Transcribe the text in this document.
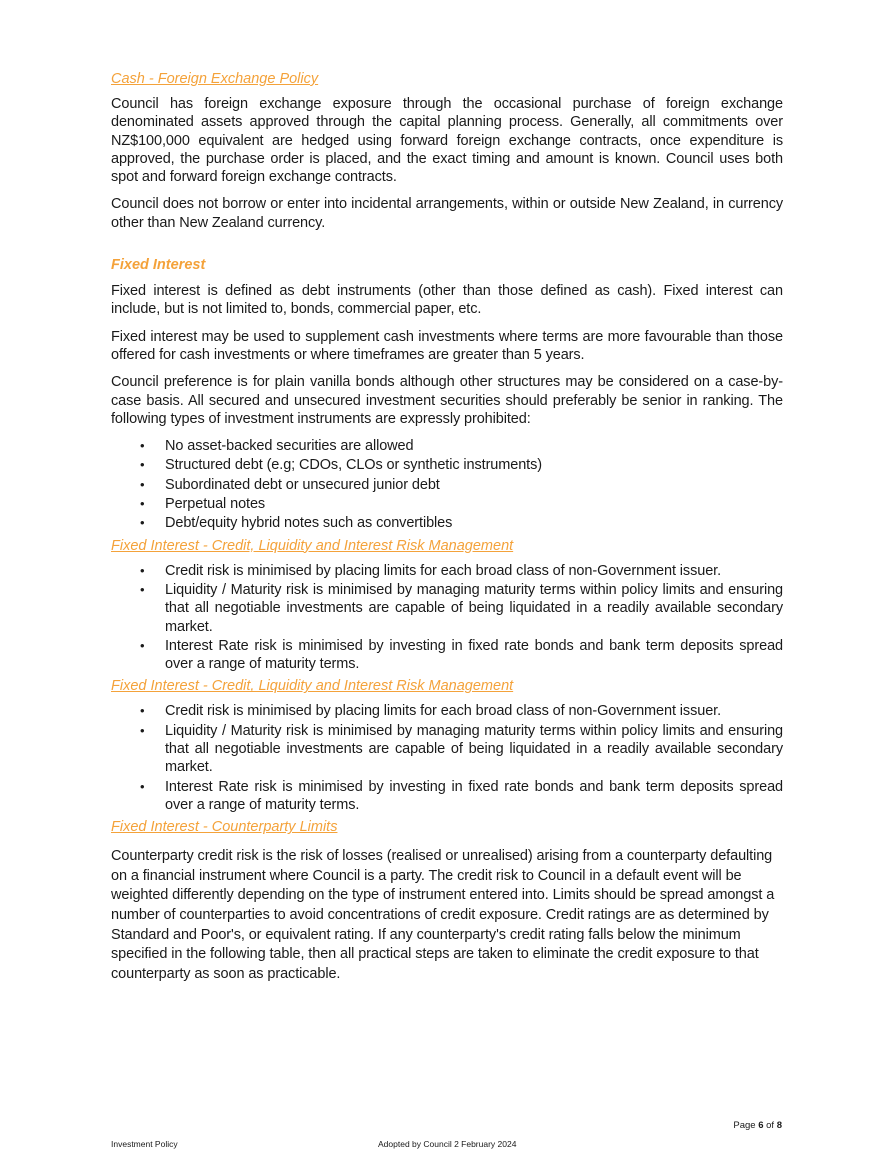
Cash - Foreign Exchange Policy

Council has foreign exchange exposure through the occasional purchase of foreign exchange denominated assets approved through the capital planning process. Generally, all commitments over NZ$100,000 equivalent are hedged using forward foreign exchange contracts, once expenditure is approved, the purchase order is placed, and the exact timing and amount is known. Council uses both spot and forward foreign exchange contracts.

Council does not borrow or enter into incidental arrangements, within or outside New Zealand, in currency other than New Zealand currency.

Fixed Interest

Fixed interest is defined as debt instruments (other than those defined as cash). Fixed interest can include, but is not limited to, bonds, commercial paper, etc.

Fixed interest may be used to supplement cash investments where terms are more favourable than those offered for cash investments or where timeframes are greater than 5 years.

Council preference is for plain vanilla bonds although other structures may be considered on a case-by-case basis. All secured and unsecured investment securities should preferably be senior in ranking. The following types of investment instruments are expressly prohibited:

• No asset-backed securities are allowed
• Structured debt (e.g; CDOs, CLOs or synthetic instruments)
• Subordinated debt or unsecured junior debt
• Perpetual notes
• Debt/equity hybrid notes such as convertibles
Fixed Interest - Credit, Liquidity and Interest Risk Management
• Credit risk is minimised by placing limits for each broad class of non-Government issuer.
• Liquidity / Maturity risk is minimised by managing maturity terms within policy limits and ensuring that all negotiable investments are capable of being liquidated in a readily available secondary market.
• Interest Rate risk is minimised by investing in fixed rate bonds and bank term deposits spread over a range of maturity terms.
Fixed Interest - Credit, Liquidity and Interest Risk Management
• Credit risk is minimised by placing limits for each broad class of non-Government issuer.
• Liquidity / Maturity risk is minimised by managing maturity terms within policy limits and ensuring that all negotiable investments are capable of being liquidated in a readily available secondary market.
• Interest Rate risk is minimised by investing in fixed rate bonds and bank term deposits spread over a range of maturity terms.
Fixed Interest - Counterparty Limits

Counterparty credit risk is the risk of losses (realised or unrealised) arising from a counterparty defaulting on a financial instrument where Council is a party. The credit risk to Council in a default event will be weighted differently depending on the type of instrument entered into. Limits should be spread amongst a number of counterparties to avoid concentrations of credit exposure. Credit ratings are as determined by Standard and Poor's, or equivalent rating. If any counterparty's credit rating falls below the minimum specified in the following table, then all practical steps are taken to eliminate the credit exposure to that counterparty as soon as practicable.

Page 6 of 8
Investment Policy	Adopted by Council 2 February 2024
